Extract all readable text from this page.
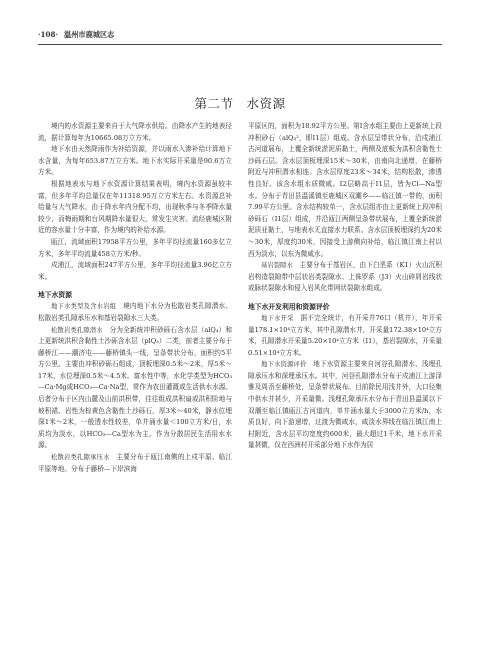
·108· 温州市鹿城区志
第二节　水资源

境内的水资源主要来自于大气降水供给。由降水产生的地表径流，据计算每年为10665.08万立方米。

地下水由天然降雨作为补给资源，并以雨水入渗补给计算地下水含量，为每年653.87万立方米。地下水实际开采量是90.6万立方米。

根据地表水与地下水资源计算结果表明，境内水资源虽较丰富，但多年平均总量仅在年11318.95万立方米左右。水资源总补给量与大气降水，由于降水年内分配不均，出现秋季与冬季降水量较少，而梅雨期和台风期降水量很大，常发生灾害。流经鹿城区附近的容水量十分丰富，作为境内的补给水源。

瓯江，流域面积17958平方公里，多年平均径流量160多亿立方米，多年平均流量458立方米/秒。

戍浦江，流域面积247平方公里，多年平均径流量3.96亿立方米。

地下水资源

地下水类型及含水岩组　 境内地下水分为松散岩类孔隙潜水、松散岩类孔隙承压水和基岩裂隙水三大类。

松散岩类孔隙潜水　 分为全新统冲积砂砾石含水层（alQ₄）和上更新统洪积含黏性土沙砾含水层（plQ₃）二类，前者主要分布于藤桥江——潮济屯——藤桥镇头一线，呈条带状分布，面积约5平方公里。主要由冲积砂砾石组成，顶板埋深0.5米～2米，厚5米～17米，水位埋深0.5米～4.5米。富水性中等，水化学类型为HCO₃—Ca·Mg或HCO₃—Ca·Na型，常作为农田灌溉或生活供水水源。后者分布于区内山麓及山前洪积带，往往组成洪积扇或洪积阶地与坡积裙、岩性为棕黄色含黏性土沙砾石，厚3米～40米，静水位埋深1米～2米，一般透水性较差，单井涌水量＜100立方米/日，水质均为淡水，以HCO₃—Ca型水为主。作为分散居民生活用水水源。

松散岩类孔隙承压水　 主要分布于瓯江南侧的上戍平原、临江平原等地。分布于藤桥—下岸滨海

平原区的，面积为18.92平方公里。第Ⅰ含水组主要由上更新统上段冲积砂石（alQ₃²，即Ⅰ1层）组成。含水层呈带状分布，沿戍浦江古河道展布，上覆全新统淤泥质黏土，两侧及底板为洪积含黏性土沙砾石层。含水层顶板埋深15米～30米，由南向北递增，在藤桥附近与冲积潜水相连。含水层厚度23米～34米，结构松散，渗透性良好。该含水组水质微咸。Ⅰ2层略高于Ⅰ1层，皆为Cl—Na型水。分布于青田县温溪镇至鹿城区双潮乡——临江镇一带的，面积7.99平方公里。含水结构较单一，含水层组亦由上更新统上段冲积砂砾石（Ⅰ1层）组成，并沿瓯江两侧呈条带状展布，上覆全新统淤泥质亚黏土，与地表水无直接水力联系。含水层顶板埋深约为20米～30米，厚度约30米，因接受上游侧向补给，临江镇江南上村以西为淡水，以东为微咸水。

基岩裂隙水　 主要分布于基岩区，由下白垩系（K1）火山沉积岩构造裂隙带中层状岩类裂隙水、上侏罗系（J3）火山碎屑岩线状或脉状裂隙水和侵入岩风化带网状裂隙水组成。

地下水开发利用和资源评价

地下水开采　 据不完全统计，有开采井76口（机井），年开采量178.1×10⁴立方米，其中孔隙潜水井，开采量172.38×10⁴立方米，孔隙潜水开采量5.20×10⁴立方米（Ⅰ1），基岩裂隙水，开采量0.51×10⁴立方米。

地下水资源评价　 地下水资源主要来自河谷孔隙潜水、浅埋孔隙承压水和深埋承压水。其中，河谷孔隙潜水分布于戍浦江上游泽雅及周岙至藤桥处，呈条带状展布。目前除民用浅井外，大口径集中供水井甚少，开采量微。浅埋孔隙承压水分布于青田县温溪以下双潮至临江镇瓯江古河道内，单井涌水量大于3000立方米/h，水质良好，向下游递增，过渡为微咸水，咸淡水界线在临江镇江南上村附近，含水层平均宽度约600米，最大超过1千米，地下水开采量甚微，仅在西洲村开采部分地下水作为居
